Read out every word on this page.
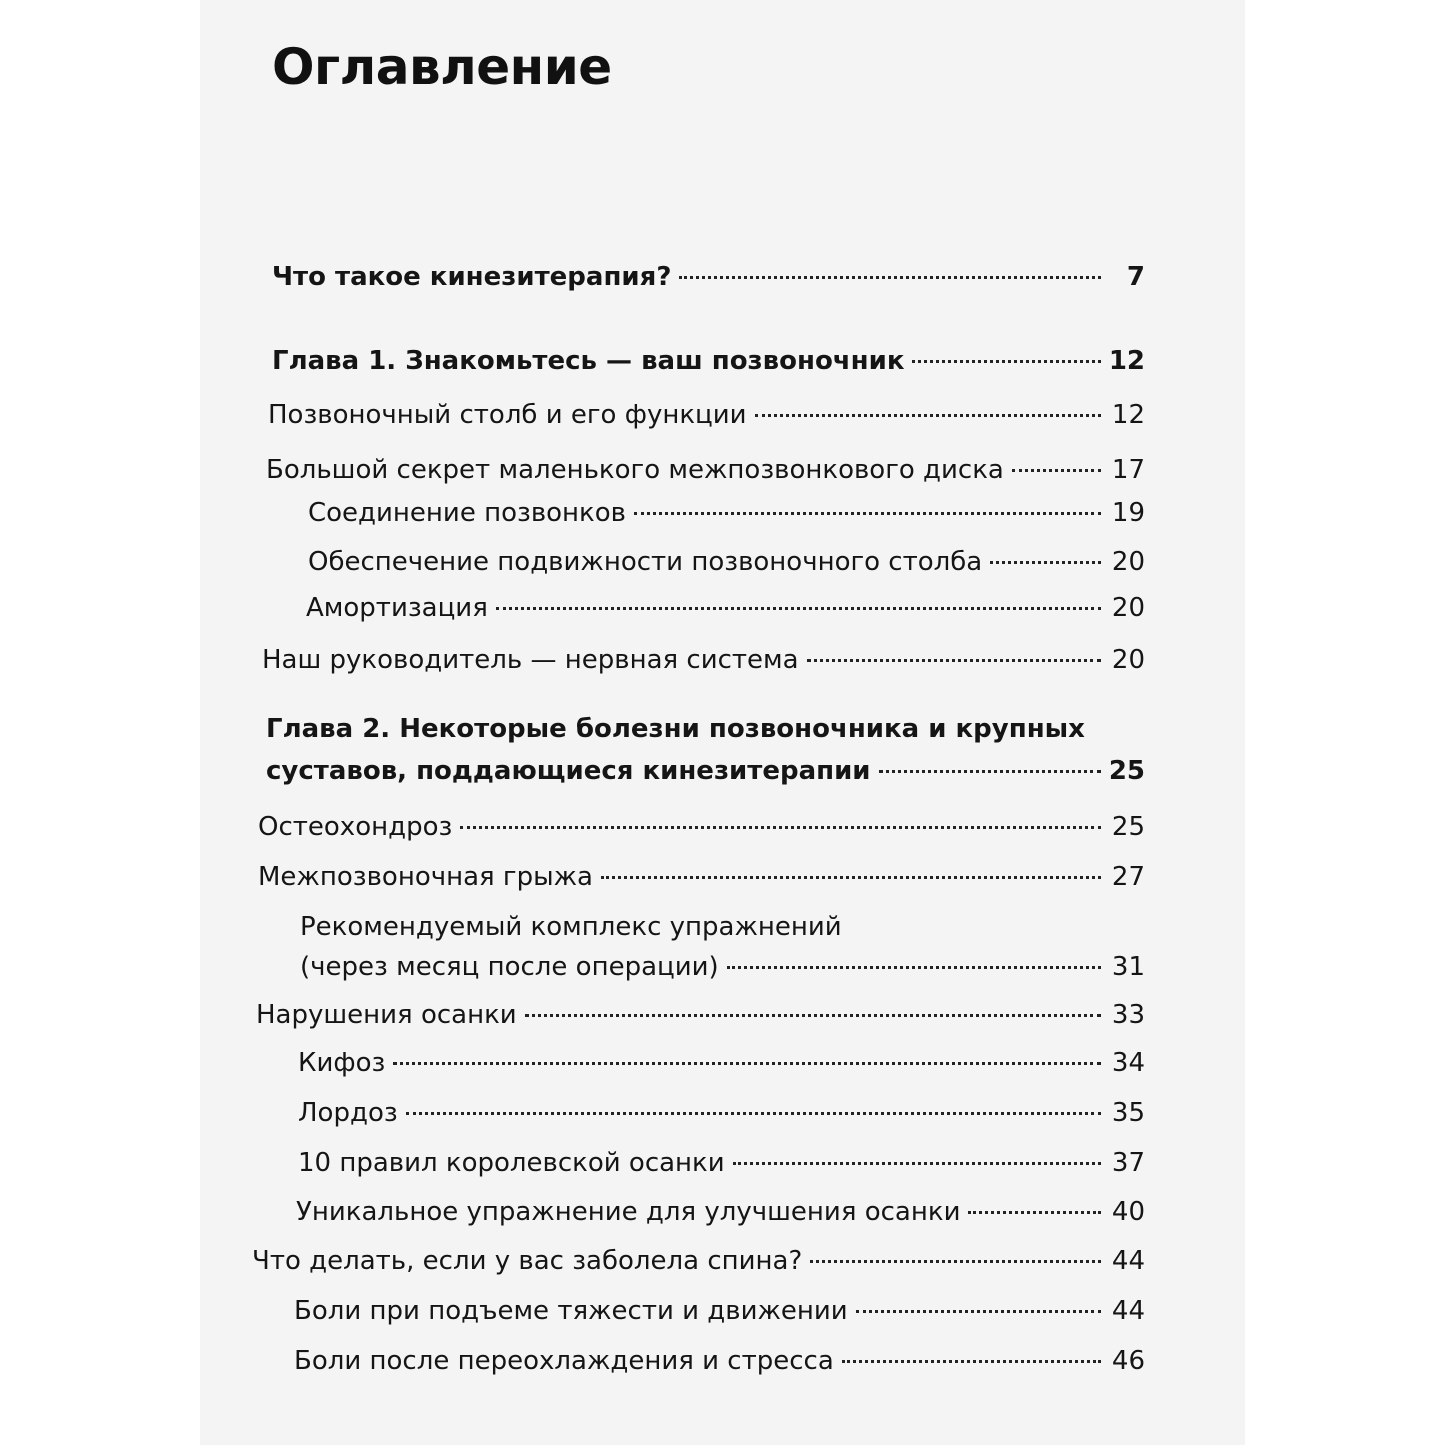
Оглавление
Что такое кинезитерапия?	7
Глава 1. Знакомьтесь — ваш позвоночник	12
Позвоночный столб и его функции	12
Большой секрет маленького межпозвонкового диска	17
Соединение позвонков	19
Обеспечение подвижности позвоночного столба	20
Амортизация	20
Наш руководитель — нервная система	20
Глава 2. Некоторые болезни позвоночника и крупных
суставов, поддающиеся кинезитерапии	25
Остеохондроз	25
Межпозвоночная грыжа	27
Рекомендуемый комплекс упражнений
(через месяц после операции)	31
Нарушения осанки	33
Кифоз	34
Лордоз	35
10 правил королевской осанки	37
Уникальное упражнение для улучшения осанки	40
Что делать, если у вас заболела спина?	44
Боли при подъеме тяжести и движении	44
Боли после переохлаждения и стресса	46
